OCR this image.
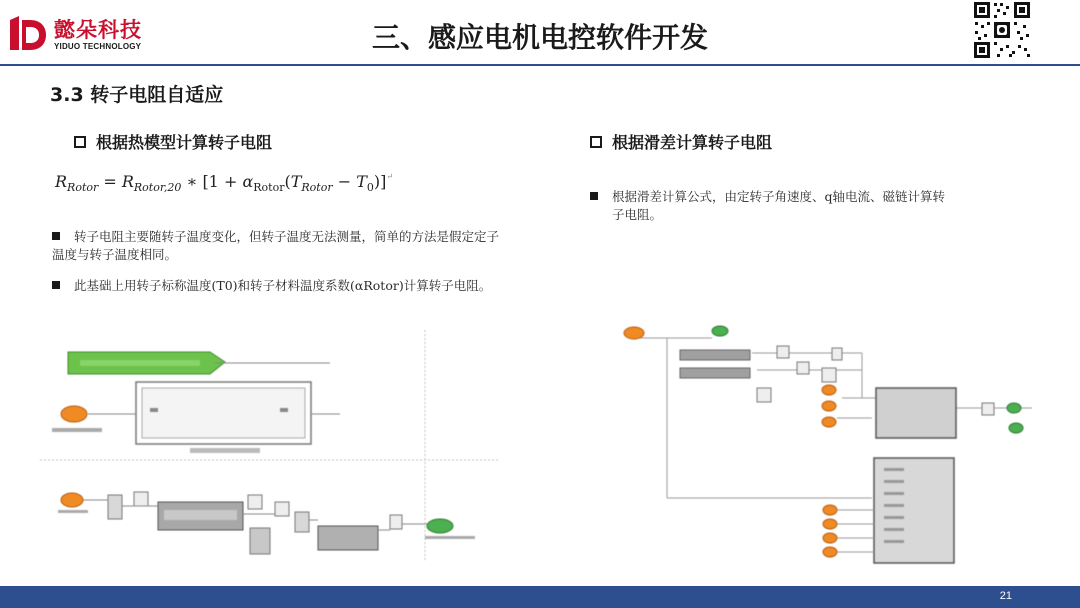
懿朵科技
YIDUO TECHNOLOGY	三、感应电机电控软件开发
3.3 转子电阻自适应
根据热模型计算转子电阻
$R_{Rotor} = R_{Rotor,20}$ ∗ $[1 + \alpha_{Rotor}(T_{Rotor} - T_0)]^↵$
转子电阻主要随转子温度变化，但转子温度无法测量，简单的方法是假定定子温度与转子温度相同。
此基础上用转子标称温度(T0)和转子材料温度系数(αRotor)计算转子电阻。
根据滑差计算转子电阻
根据滑差计算公式，由定转子角速度、q轴电流、磁链计算转
子电阻。
21
